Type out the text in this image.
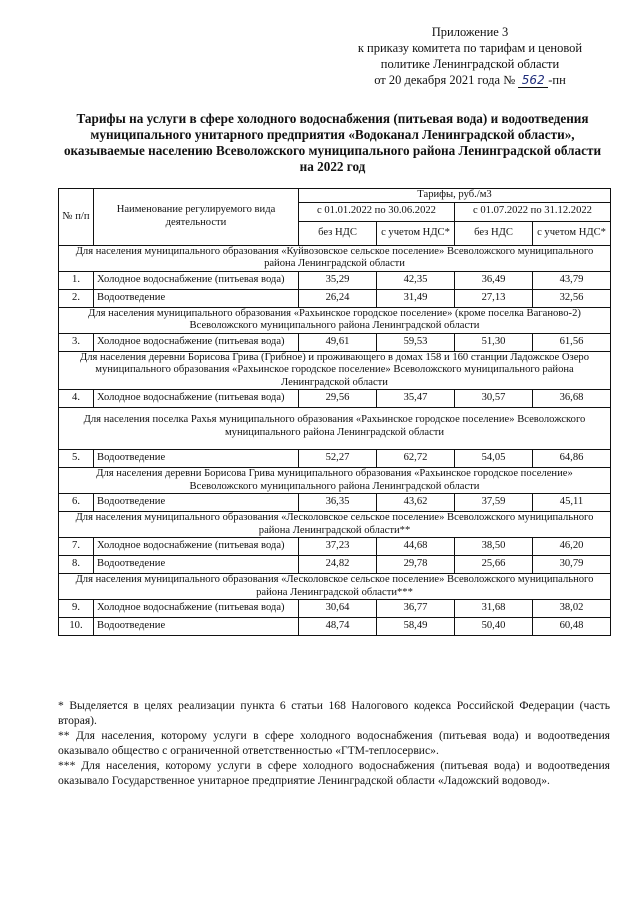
Приложение 3
к приказу комитета по тарифам и ценовой
политике Ленинградской области
от 20 декабря 2021 года № 562 -пн
Тарифы на услуги в сфере холодного водоснабжения (питьевая вода) и водоотведения
муниципального унитарного предприятия «Водоканал Ленинградской области»,
оказываемые населению Всеволожского муниципального района Ленинградской области
на 2022 год
№ п/п	Наименование регулируемого вида деятельности	Тарифы, руб./м3			
		с 01.01.2022 по 30.06.2022		с 01.07.2022 по 31.12.2022	
		без НДС	с учетом НДС*	без НДС	с учетом НДС*
Для населения муниципального образования «Куйвозовское сельское поселение» Всеволожского муниципального района Ленинградской области					
1.	Холодное водоснабжение (питьевая вода)	35,29	42,35	36,49	43,79
2.	Водоотведение	26,24	31,49	27,13	32,56
Для населения муниципального образования «Рахьинское городское поселение» (кроме поселка Ваганово-2) Всеволожского муниципального района Ленинградской области					
3.	Холодное водоснабжение (питьевая вода)	49,61	59,53	51,30	61,56
Для населения деревни Борисова Грива (Грибное) и проживающего в домах 158 и 160 станции Ладожское Озеро муниципального образования «Рахьинское городское поселение» Всеволожского муниципального района Ленинградской области					
4.	Холодное водоснабжение (питьевая вода)	29,56	35,47	30,57	36,68
Для населения поселка Рахья муниципального образования «Рахьинское городское поселение» Всеволожского муниципального района Ленинградской области					
5.	Водоотведение	52,27	62,72	54,05	64,86
Для населения деревни Борисова Грива муниципального образования «Рахьинское городское поселение» Всеволожского муниципального района Ленинградской области					
6.	Водоотведение	36,35	43,62	37,59	45,11
Для населения муниципального образования «Лесколовское сельское поселение» Всеволожского муниципального района Ленинградской области**					
7.	Холодное водоснабжение (питьевая вода)	37,23	44,68	38,50	46,20
8.	Водоотведение	24,82	29,78	25,66	30,79
Для населения муниципального образования «Лесколовское сельское поселение» Всеволожского муниципального района Ленинградской области***					
9.	Холодное водоснабжение (питьевая вода)	30,64	36,77	31,68	38,02
10.	Водоотведение	48,74	58,49	50,40	60,48

* Выделяется в целях реализации пункта 6 статьи 168 Налогового кодекса Российской Федерации (часть вторая).

** Для населения, которому услуги в сфере холодного водоснабжения (питьевая вода) и водоотведения оказывало общество с ограниченной ответственностью «ГТМ-теплосервис».

*** Для населения, которому услуги в сфере холодного водоснабжения (питьевая вода) и водоотведения оказывало Государственное унитарное предприятие Ленинградской области «Ладожский водовод».
